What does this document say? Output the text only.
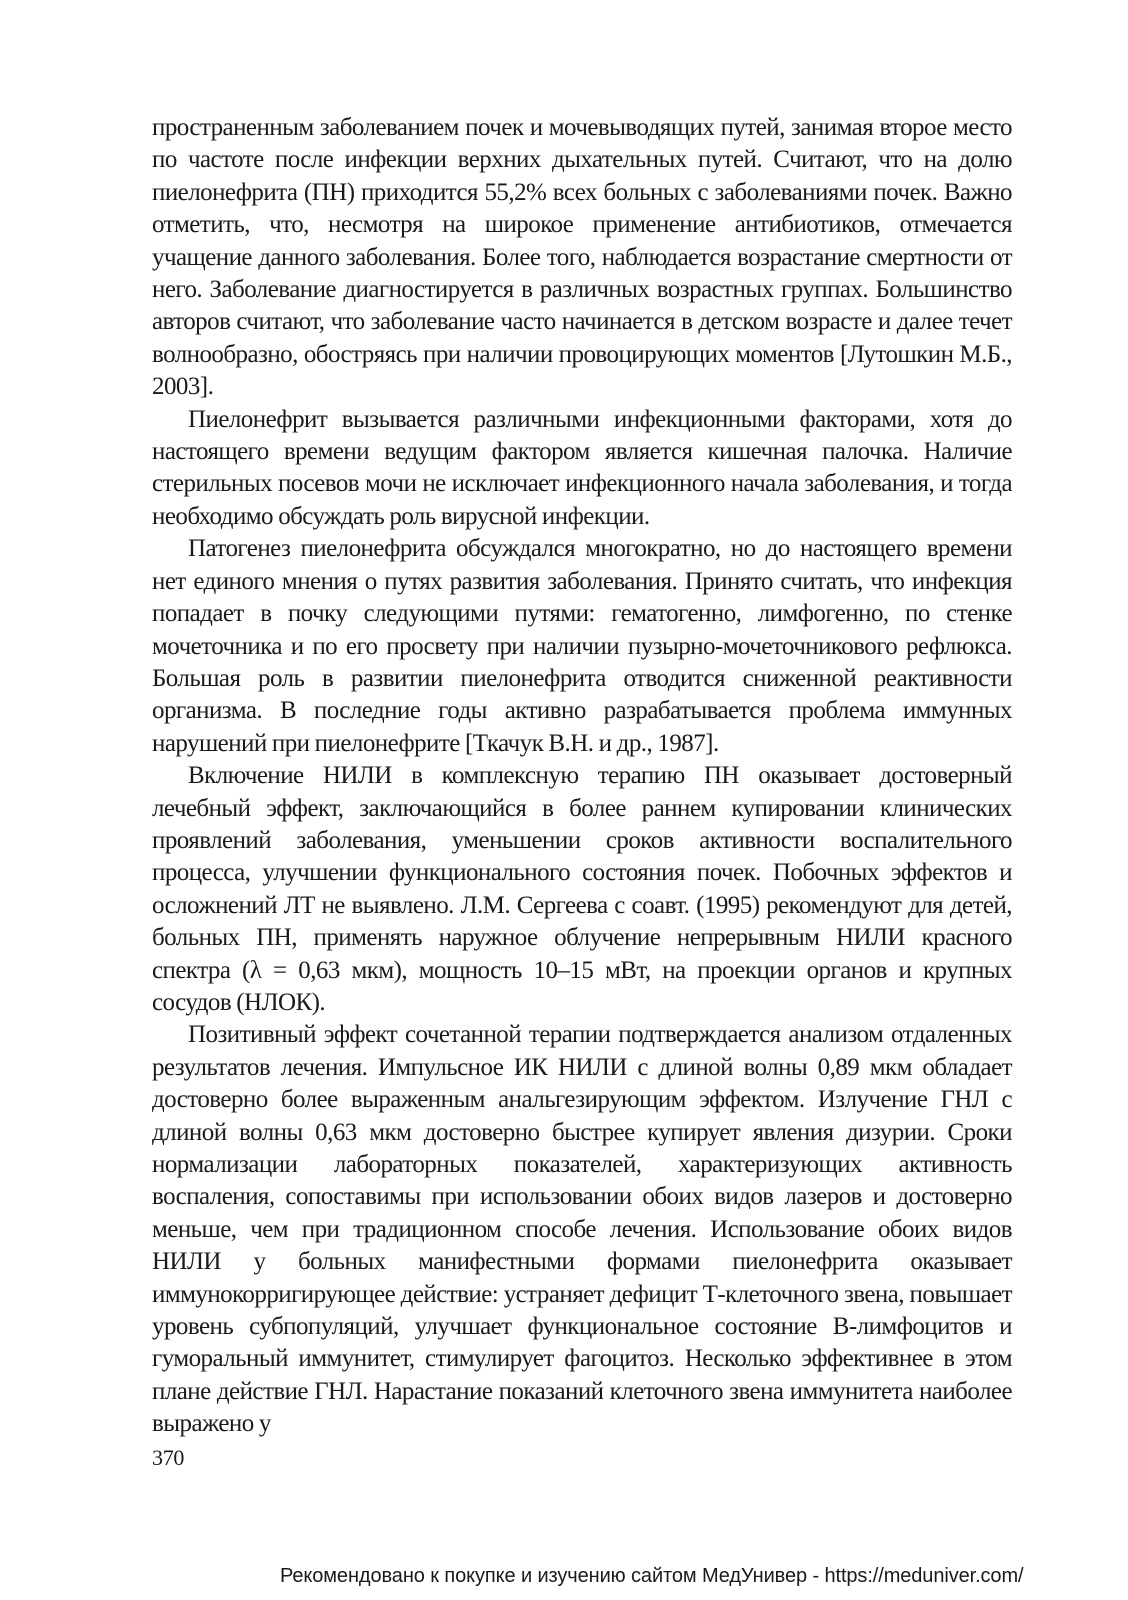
пространенным заболеванием почек и мочевыводящих путей, занимая второе место по частоте после инфекции верхних дыхательных путей. Считают, что на долю пиелонефрита (ПН) приходится 55,2% всех больных с заболеваниями почек. Важно отметить, что, несмотря на широкое применение антибиотиков, отмечается учащение данного заболевания. Более того, наблюдается возрастание смертности от него. Заболевание диагностируется в различных возрастных группах. Большинство авторов считают, что заболевание часто начинается в детском возрасте и далее течет волнообразно, обостряясь при наличии провоцирующих моментов [Лутошкин М.Б., 2003].

Пиелонефрит вызывается различными инфекционными факторами, хотя до настоящего времени ведущим фактором является кишечная палочка. Наличие стерильных посевов мочи не исключает инфекционного начала заболевания, и тогда необходимо обсуждать роль вирусной инфекции.

Патогенез пиелонефрита обсуждался многократно, но до настоящего времени нет единого мнения о путях развития заболевания. Принято считать, что инфекция попадает в почку следующими путями: гематогенно, лимфогенно, по стенке мочеточника и по его просвету при наличии пузырно-мочеточникового рефлюкса. Большая роль в развитии пиелонефрита отводится сниженной реактивности организма. В последние годы активно разрабатывается проблема иммунных нарушений при пиелонефрите [Ткачук В.Н. и др., 1987].

Включение НИЛИ в комплексную терапию ПН оказывает достоверный лечебный эффект, заключающийся в более раннем купировании клинических проявлений заболевания, уменьшении сроков активности воспалительного процесса, улучшении функционального состояния почек. Побочных эффектов и осложнений ЛТ не выявлено. Л.М. Сергеева с соавт. (1995) рекомендуют для детей, больных ПН, применять наружное облучение непрерывным НИЛИ красного спектра (λ = 0,63 мкм), мощность 10–15 мВт, на проекции органов и крупных сосудов (НЛОК).

Позитивный эффект сочетанной терапии подтверждается анализом отдаленных результатов лечения. Импульсное ИК НИЛИ с длиной волны 0,89 мкм обладает достоверно более выраженным анальгезирующим эффектом. Излучение ГНЛ с длиной волны 0,63 мкм достоверно быстрее купирует явления дизурии. Сроки нормализации лабораторных показателей, характеризующих активность воспаления, сопоставимы при использовании обоих видов лазеров и достоверно меньше, чем при традиционном способе лечения. Использование обоих видов НИЛИ у больных манифестными формами пиелонефрита оказывает иммунокорригирующее действие: устраняет дефицит Т-клеточного звена, повышает уровень субпопуляций, улучшает функциональное состояние В-лимфоцитов и гуморальный иммунитет, стимулирует фагоцитоз. Несколько эффективнее в этом плане действие ГНЛ. Нарастание показаний клеточного звена иммунитета наиболее выражено у

370
Рекомендовано к покупке и изучению сайтом МедУнивер - https://meduniver.com/
